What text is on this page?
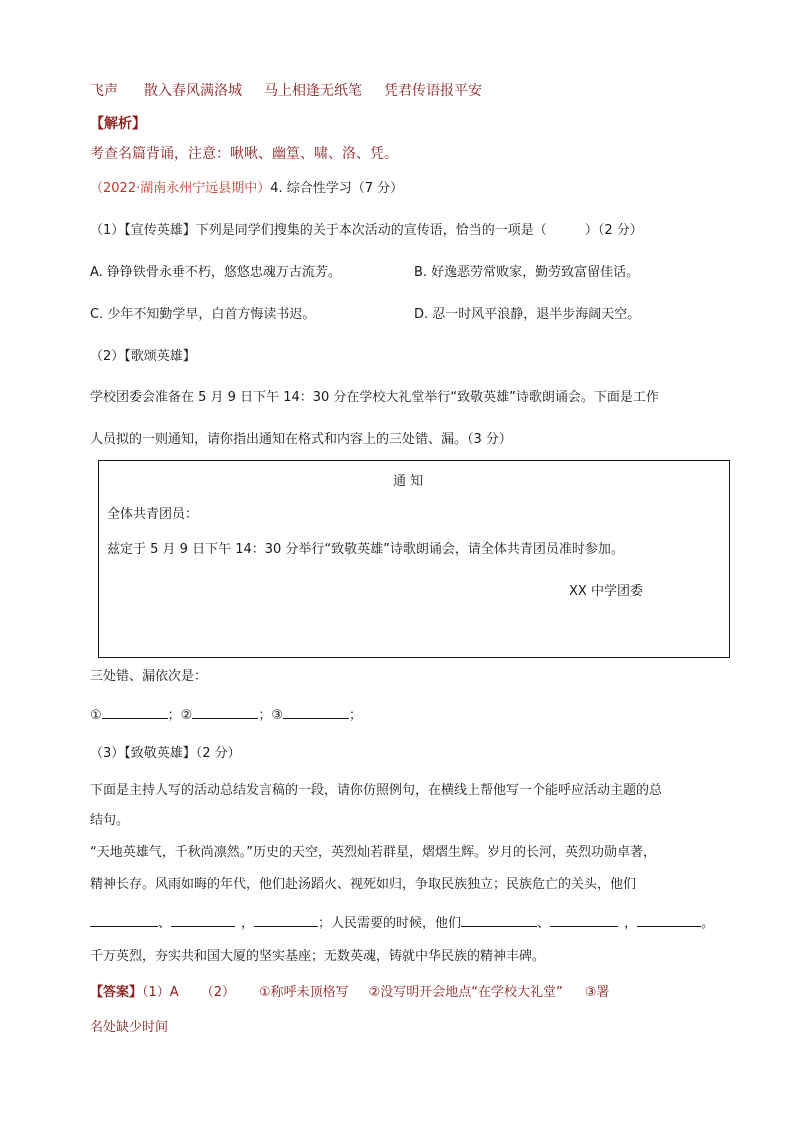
飞声 散入春风满洛城 马上相逢无纸笔 凭君传语报平安
【解析】
考查名篇背诵，注意：啾啾、幽篁、啸、洛、凭。
（2022·湖南永州宁远县期中）4. 综合性学习（7 分）
（1）【宣传英雄】下列是同学们搜集的关于本次活动的宣传语，恰当的一项是（	）（2 分）
A. 铮铮铁骨永垂不朽，悠悠忠魂万古流芳。	B. 好逸恶劳常败家，勤劳致富留佳话。
C. 少年不知勤学早，白首方悔读书迟。	D. 忍一时风平浪静，退半步海阔天空。
（2）【歌颂英雄】
学校团委会准备在 5 月 9 日下午 14：30 分在学校大礼堂举行“致敬英雄”诗歌朗诵会。下面是工作
人员拟的一则通知，请你指出通知在格式和内容上的三处错、漏。（3 分）
通 知
全体共青团员：
兹定于 5 月 9 日下午 14：30 分举行“致敬英雄”诗歌朗诵会，请全体共青团员准时参加。
XX 中学团委
三处错、漏依次是：
①	；②	；③	；
（3）【致敬英雄】（2 分）
下面是主持人写的活动总结发言稿的一段，请你仿照例句，在横线上帮他写一个能呼应活动主题的总
结句。
“天地英雄气，千秋尚凛然。”历史的天空，英烈灿若群星，熠熠生辉。岁月的长河，英烈功勋卓著，
精神长存。风雨如晦的年代，他们赴汤蹈火、视死如归，争取民族独立；民族危亡的关头，他们
、	，	；人民需要的时候，他们	、	，	。
千万英烈，夯实共和国大厦的坚实基座；无数英魂，铸就中华民族的精神丰碑。
【答案】（1）A （2） ①称呼未顶格写 ②没写明开会地点“在学校大礼堂” ③署
名处缺少时间
